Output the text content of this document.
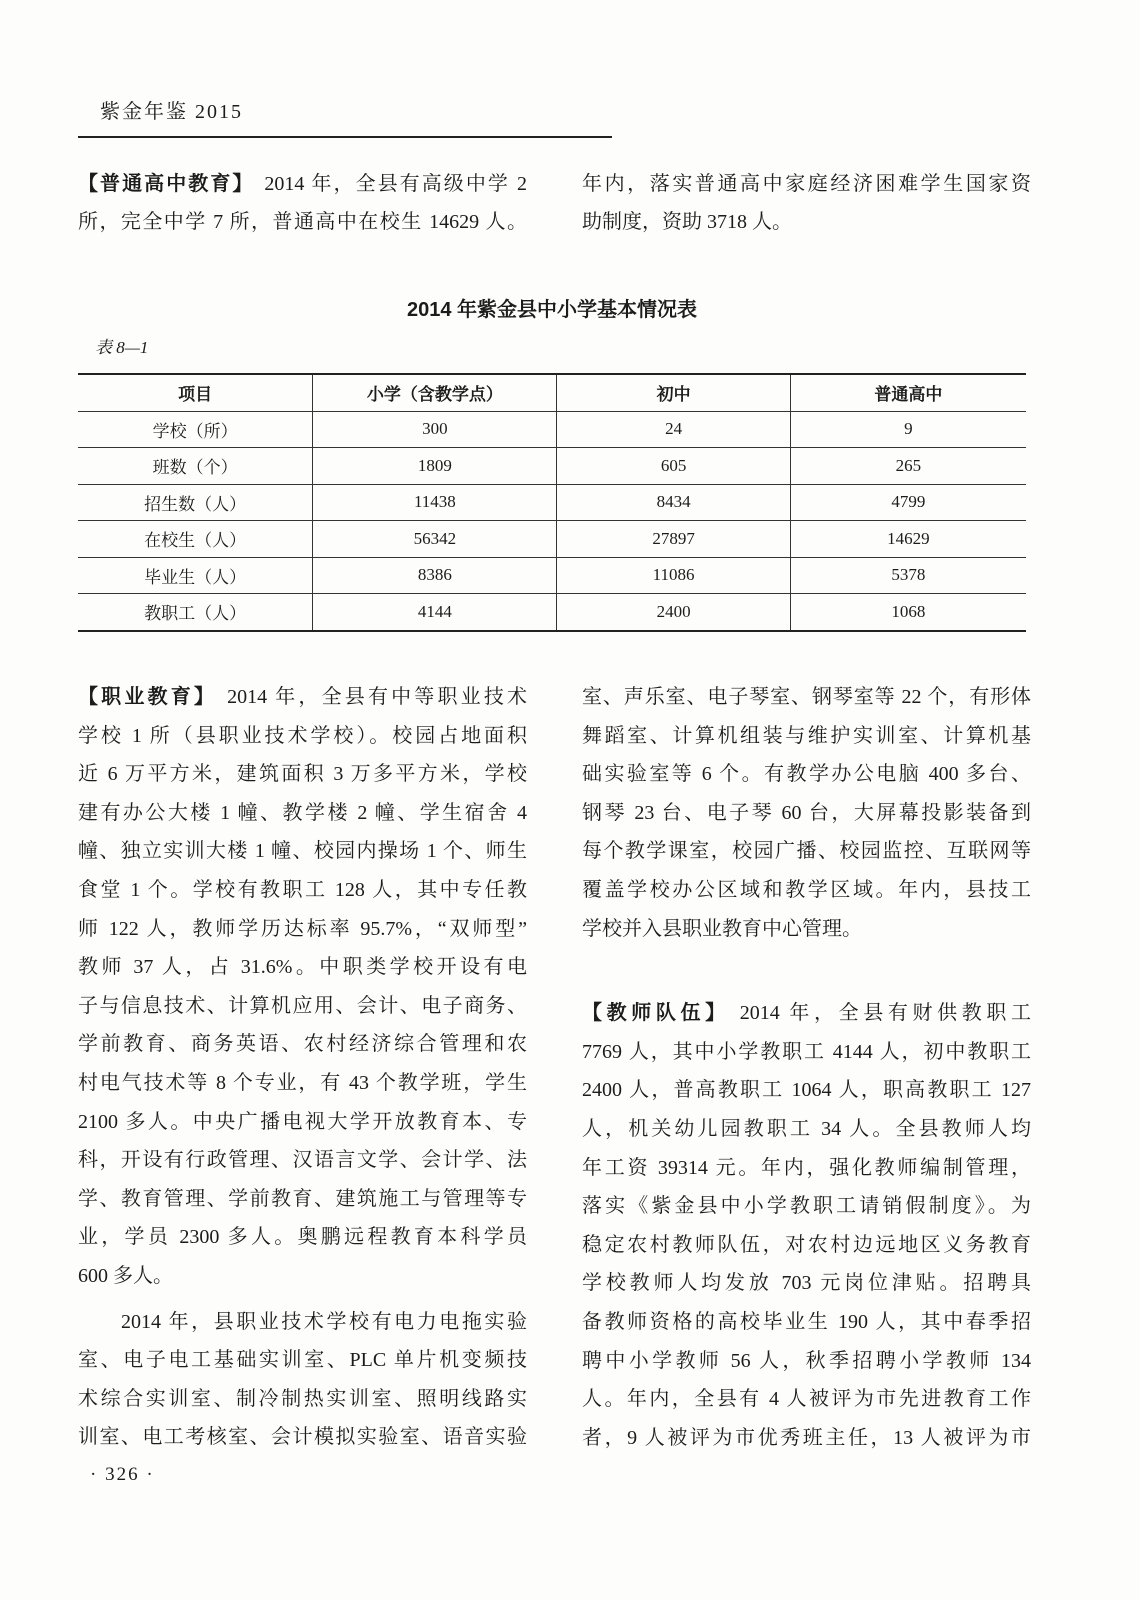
紫金年鉴 2015
【普通高中教育】 2014 年，全县有高级中学 2
所，完全中学 7 所，普通高中在校生 14629 人。
年内，落实普通高中家庭经济困难学生国家资
助制度，资助 3718 人。
2014 年紫金县中小学基本情况表
表 8—1
项目	小学（含教学点）	初中	普通高中
学校（所）	300	24	9
班数（个）	1809	605	265
招生数（人）	11438	8434	4799
在校生（人）	56342	27897	14629
毕业生（人）	8386	11086	5378
教职工（人）	4144	2400	1068
【职业教育】 2014 年，全县有中等职业技术
学校 1 所（县职业技术学校）。校园占地面积
近 6 万平方米，建筑面积 3 万多平方米，学校
建有办公大楼 1 幢、教学楼 2 幢、学生宿舍 4
幢、独立实训大楼 1 幢、校园内操场 1 个、师生
食堂 1 个。学校有教职工 128 人，其中专任教
师 122 人，教师学历达标率 95.7%，“双师型”
教师 37 人，占 31.6%。中职类学校开设有电
子与信息技术、计算机应用、会计、电子商务、
学前教育、商务英语、农村经济综合管理和农
村电气技术等 8 个专业，有 43 个教学班，学生
2100 多人。中央广播电视大学开放教育本、专
科，开设有行政管理、汉语言文学、会计学、法
学、教育管理、学前教育、建筑施工与管理等专
业，学员 2300 多人。奥鹏远程教育本科学员
600 多人。
2014 年，县职业技术学校有电力电拖实验
室、电子电工基础实训室、PLC 单片机变频技
术综合实训室、制冷制热实训室、照明线路实
训室、电工考核室、会计模拟实验室、语音实验
室、声乐室、电子琴室、钢琴室等 22 个，有形体
舞蹈室、计算机组装与维护实训室、计算机基
础实验室等 6 个。有教学办公电脑 400 多台、
钢琴 23 台、电子琴 60 台，大屏幕投影装备到
每个教学课室，校园广播、校园监控、互联网等
覆盖学校办公区域和教学区域。年内，县技工
学校并入县职业教育中心管理。
【教师队伍】 2014 年，全县有财供教职工
7769 人，其中小学教职工 4144 人，初中教职工
2400 人，普高教职工 1064 人，职高教职工 127
人，机关幼儿园教职工 34 人。全县教师人均
年工资 39314 元。年内，强化教师编制管理，
落实《紫金县中小学教职工请销假制度》。为
稳定农村教师队伍，对农村边远地区义务教育
学校教师人均发放 703 元岗位津贴。招聘具
备教师资格的高校毕业生 190 人，其中春季招
聘中小学教师 56 人，秋季招聘小学教师 134
人。年内，全县有 4 人被评为市先进教育工作
者，9 人被评为市优秀班主任，13 人被评为市
· 326 ·
